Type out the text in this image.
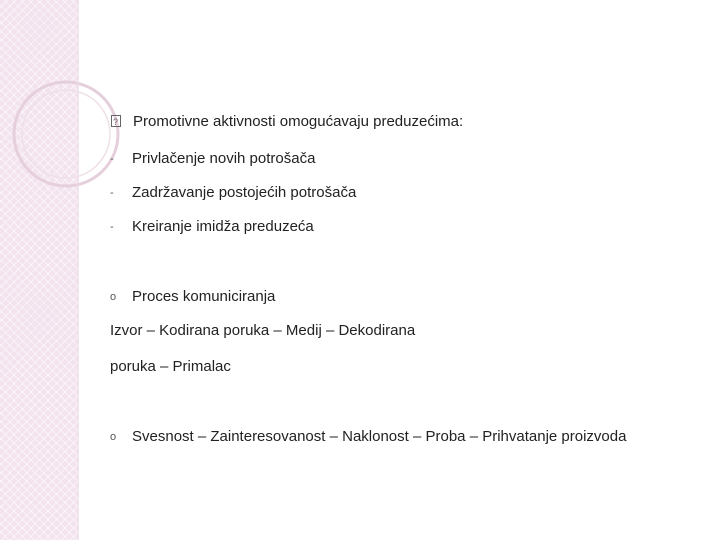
?Promotivne aktivnosti omogućavaju preduzećima:
- Privlačenje novih potrošača
- Zadržavanje postojećih potrošača
- Kreiranje imidža preduzeća
o Proces komuniciranja
Izvor – Kodirana poruka – Medij – Dekodirana
poruka – Primalac
o Svesnost – Zainteresovanost – Naklonost – Proba – Prihvatanje proizvoda
